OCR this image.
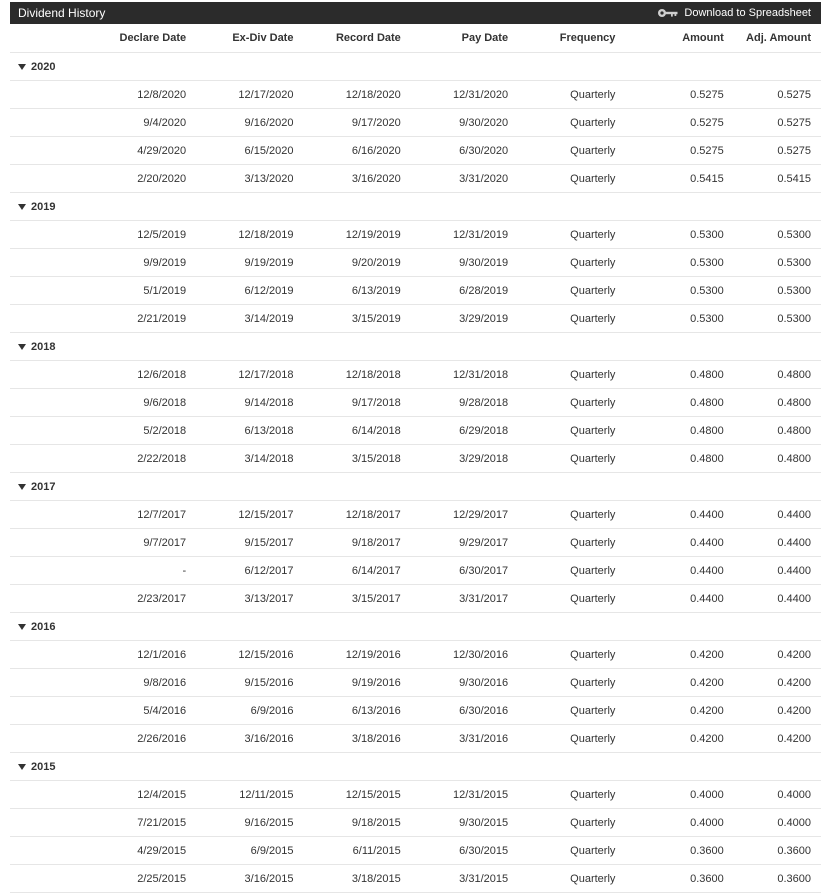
Dividend History	Download to Spreadsheet
	Declare Date	Ex-Div Date	Record Date	Pay Date	Frequency	Amount	Adj. Amount

2020							

	12/8/2020	12/17/2020	12/18/2020	12/31/2020	Quarterly	0.5275	0.5275
	9/4/2020	9/16/2020	9/17/2020	9/30/2020	Quarterly	0.5275	0.5275
	4/29/2020	6/15/2020	6/16/2020	6/30/2020	Quarterly	0.5275	0.5275
	2/20/2020	3/13/2020	3/16/2020	3/31/2020	Quarterly	0.5415	0.5415

2019							

	12/5/2019	12/18/2019	12/19/2019	12/31/2019	Quarterly	0.5300	0.5300
	9/9/2019	9/19/2019	9/20/2019	9/30/2019	Quarterly	0.5300	0.5300
	5/1/2019	6/12/2019	6/13/2019	6/28/2019	Quarterly	0.5300	0.5300
	2/21/2019	3/14/2019	3/15/2019	3/29/2019	Quarterly	0.5300	0.5300

2018							

	12/6/2018	12/17/2018	12/18/2018	12/31/2018	Quarterly	0.4800	0.4800
	9/6/2018	9/14/2018	9/17/2018	9/28/2018	Quarterly	0.4800	0.4800
	5/2/2018	6/13/2018	6/14/2018	6/29/2018	Quarterly	0.4800	0.4800
	2/22/2018	3/14/2018	3/15/2018	3/29/2018	Quarterly	0.4800	0.4800

2017							

	12/7/2017	12/15/2017	12/18/2017	12/29/2017	Quarterly	0.4400	0.4400
	9/7/2017	9/15/2017	9/18/2017	9/29/2017	Quarterly	0.4400	0.4400
	-	6/12/2017	6/14/2017	6/30/2017	Quarterly	0.4400	0.4400
	2/23/2017	3/13/2017	3/15/2017	3/31/2017	Quarterly	0.4400	0.4400

2016							

	12/1/2016	12/15/2016	12/19/2016	12/30/2016	Quarterly	0.4200	0.4200
	9/8/2016	9/15/2016	9/19/2016	9/30/2016	Quarterly	0.4200	0.4200
	5/4/2016	6/9/2016	6/13/2016	6/30/2016	Quarterly	0.4200	0.4200
	2/26/2016	3/16/2016	3/18/2016	3/31/2016	Quarterly	0.4200	0.4200

2015							

	12/4/2015	12/11/2015	12/15/2015	12/31/2015	Quarterly	0.4000	0.4000
	7/21/2015	9/16/2015	9/18/2015	9/30/2015	Quarterly	0.4000	0.4000
	4/29/2015	6/9/2015	6/11/2015	6/30/2015	Quarterly	0.3600	0.3600
	2/25/2015	3/16/2015	3/18/2015	3/31/2015	Quarterly	0.3600	0.3600
